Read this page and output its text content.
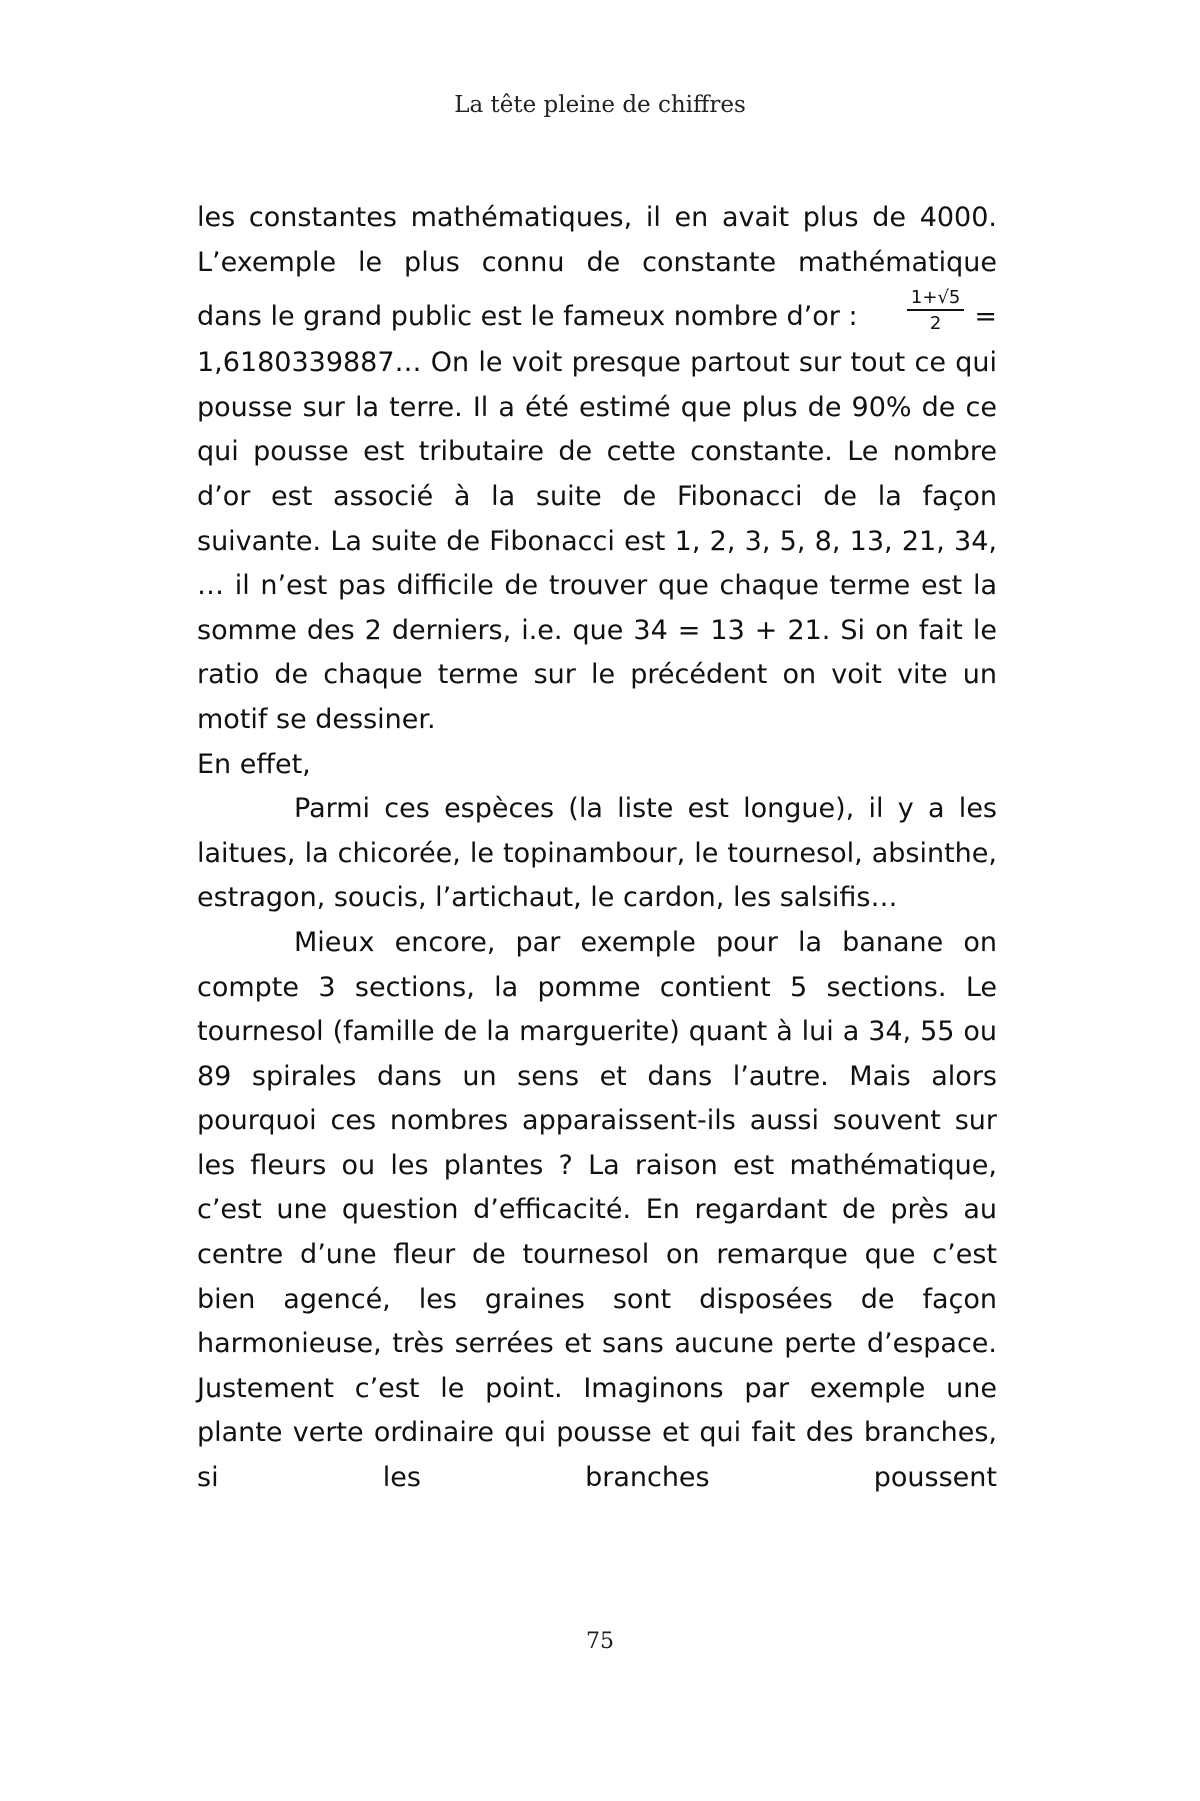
La tête pleine de chiffres

les constantes mathématiques, il en avait plus de 4000.

L’exemple le plus connu de constante mathématique

dans le grand public est le fameux nombre d’or :	$\frac{1+√5}{2}$ =

1,6180339887… On le voit presque partout sur tout ce qui pousse sur la terre. Il a été estimé que plus de 90% de ce qui pousse est tributaire de cette constante. Le nombre d’or est associé à la suite de Fibonacci de la façon suivante. La suite de Fibonacci est 1, 2, 3, 5, 8, 13, 21, 34, … il n’est pas difficile de trouver que chaque terme est la somme des 2 derniers, i.e. que 34 = 13 + 21. Si on fait le ratio de chaque terme sur le précédent on voit vite un motif se dessiner.

En effet,

Parmi ces espèces (la liste est longue), il y a les laitues, la chicorée, le topinambour, le tournesol, absinthe, estragon, soucis, l’artichaut, le cardon, les salsifis…

Mieux encore, par exemple pour la banane on compte 3 sections, la pomme contient 5 sections. Le tournesol (famille de la marguerite) quant à lui a 34, 55 ou 89 spirales dans un sens et dans l’autre. Mais alors pourquoi ces nombres apparaissent-ils aussi souvent sur les fleurs ou les plantes ? La raison est mathématique, c’est une question d’efficacité. En regardant de près au centre d’une fleur de tournesol on remarque que c’est bien agencé, les graines sont disposées de façon harmonieuse, très serrées et sans aucune perte d’espace. Justement c’est le point. Imaginons par exemple une plante verte ordinaire qui pousse et qui fait des branches, si les branches poussent

75
